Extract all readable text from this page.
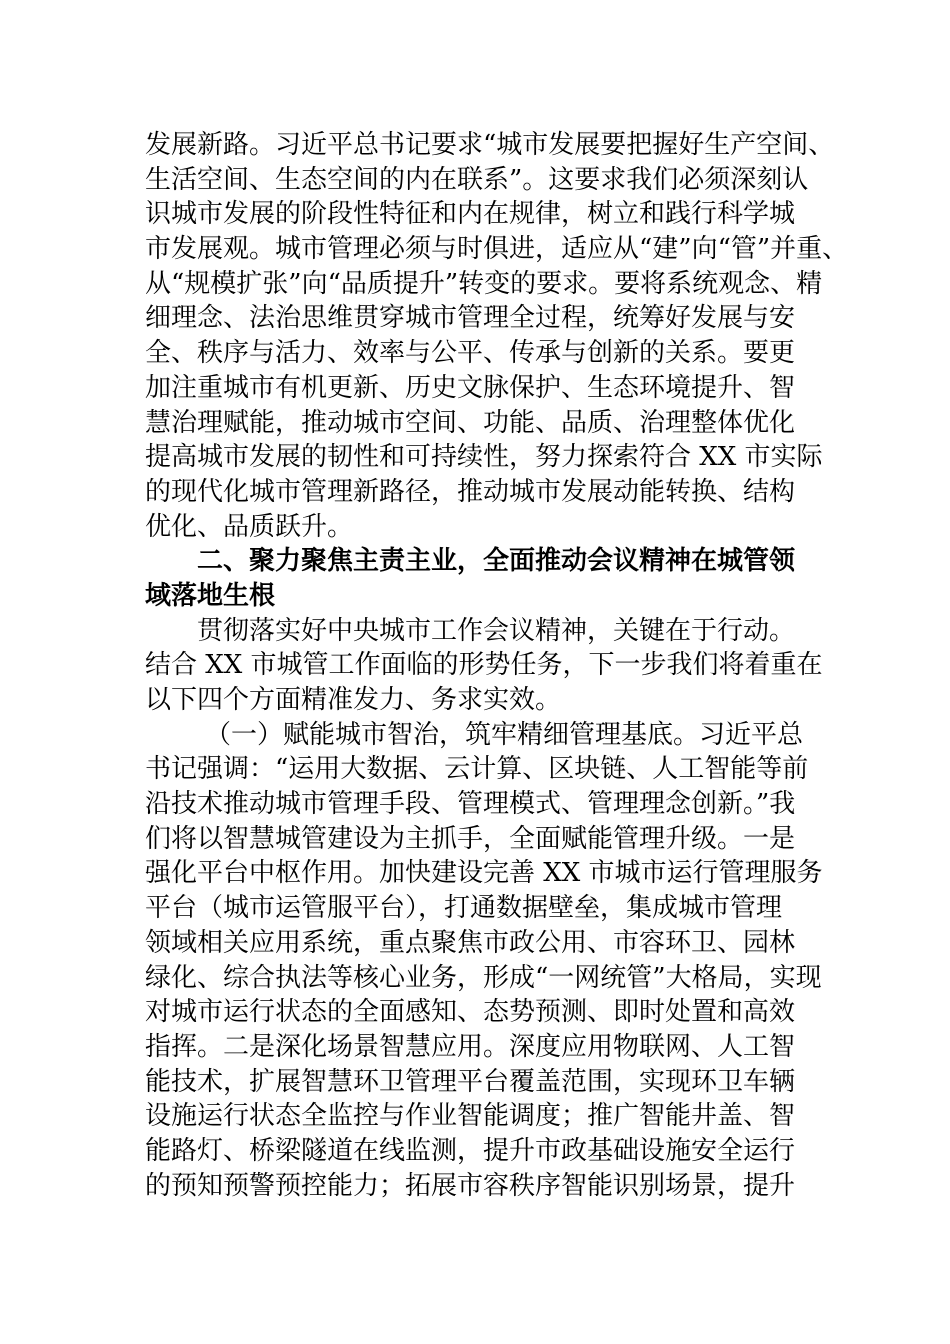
发展新路。习近平总书记要求“城市发展要把握好生产空间、
生活空间、生态空间的内在联系”。这要求我们必须深刻认
识城市发展的阶段性特征和内在规律，树立和践行科学城
市发展观。城市管理必须与时俱进，适应从“建”向“管”并重、
从“规模扩张”向“品质提升”转变的要求。要将系统观念、精
细理念、法治思维贯穿城市管理全过程，统筹好发展与安
全、秩序与活力、效率与公平、传承与创新的关系。要更
加注重城市有机更新、历史文脉保护、生态环境提升、智
慧治理赋能，推动城市空间、功能、品质、治理整体优化
提高城市发展的韧性和可持续性，努力探索符合 XX 市实际
的现代化城市管理新路径，推动城市发展动能转换、结构
优化、品质跃升。
二、聚力聚焦主责主业，全面推动会议精神在城管领
域落地生根
贯彻落实好中央城市工作会议精神，关键在于行动。
结合 XX 市城管工作面临的形势任务，下一步我们将着重在
以下四个方面精准发力、务求实效。
（一）赋能城市智治，筑牢精细管理基底。习近平总
书记强调：“运用大数据、云计算、区块链、人工智能等前
沿技术推动城市管理手段、管理模式、管理理念创新。”我
们将以智慧城管建设为主抓手，全面赋能管理升级。一是
强化平台中枢作用。加快建设完善 XX 市城市运行管理服务
平台（城市运管服平台），打通数据壁垒，集成城市管理
领域相关应用系统，重点聚焦市政公用、市容环卫、园林
绿化、综合执法等核心业务，形成“一网统管”大格局，实现
对城市运行状态的全面感知、态势预测、即时处置和高效
指挥。二是深化场景智慧应用。深度应用物联网、人工智
能技术，扩展智慧环卫管理平台覆盖范围，实现环卫车辆
设施运行状态全监控与作业智能调度；推广智能井盖、智
能路灯、桥梁隧道在线监测，提升市政基础设施安全运行
的预知预警预控能力；拓展市容秩序智能识别场景，提升
